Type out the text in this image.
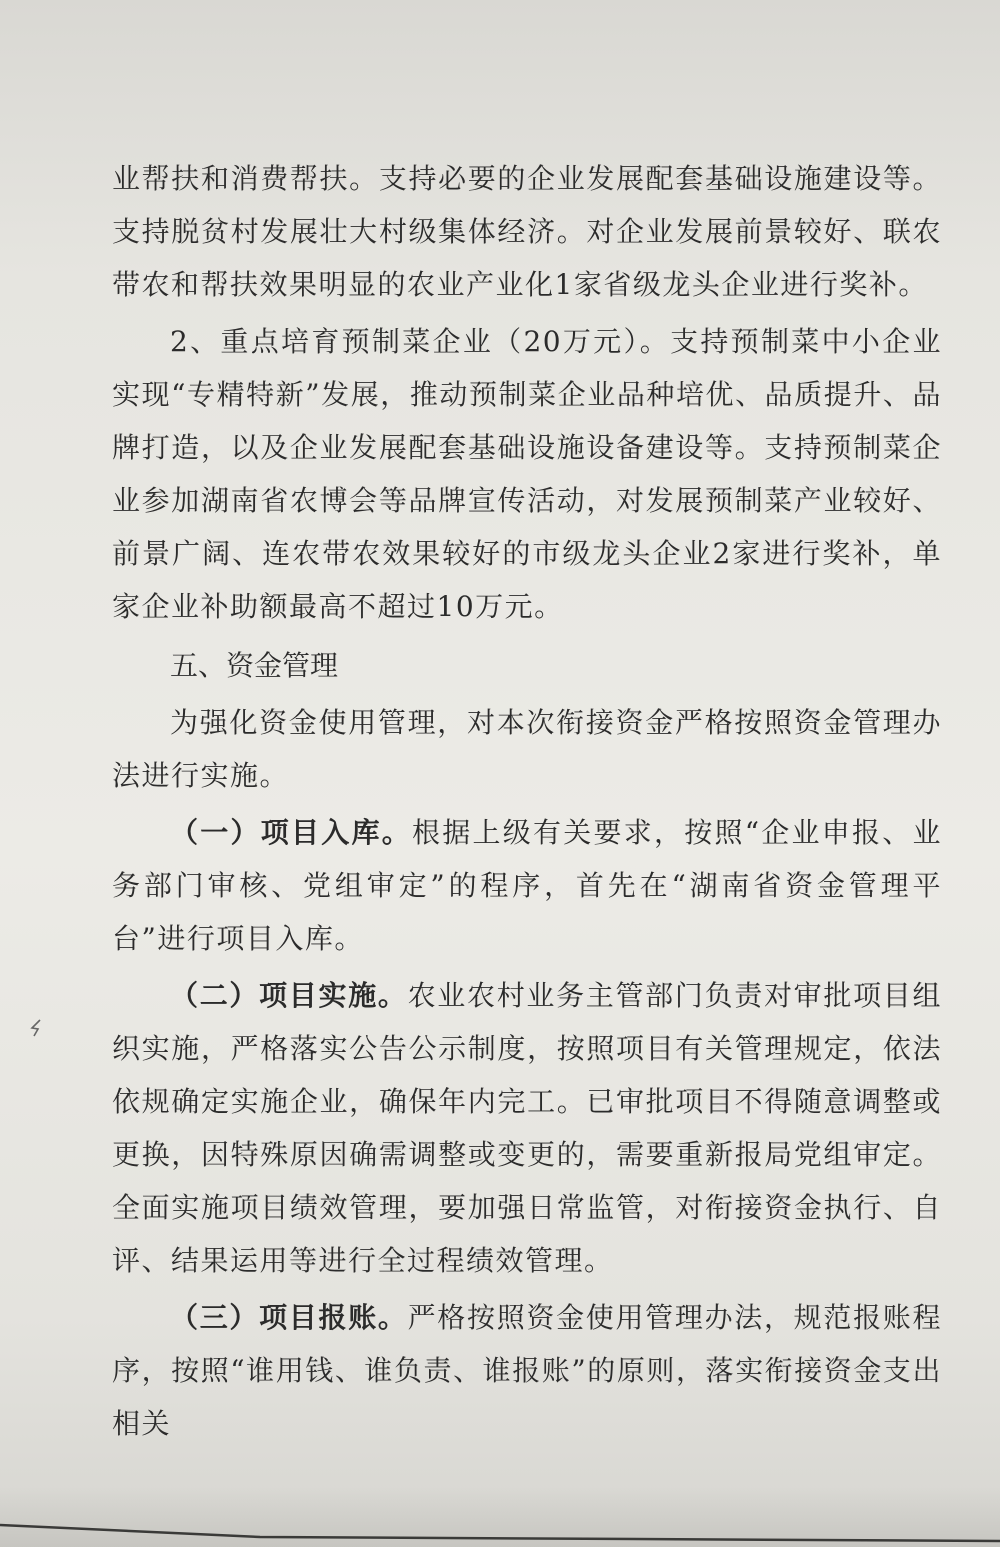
业帮扶和消费帮扶。支持必要的企业发展配套基础设施建设等。支持脱贫村发展壮大村级集体经济。对企业发展前景较好、联农带农和帮扶效果明显的农业产业化1家省级龙头企业进行奖补。

2、重点培育预制菜企业（20万元）。支持预制菜中小企业实现“专精特新”发展，推动预制菜企业品种培优、品质提升、品牌打造，以及企业发展配套基础设施设备建设等。支持预制菜企业参加湖南省农博会等品牌宣传活动，对发展预制菜产业较好、前景广阔、连农带农效果较好的市级龙头企业2家进行奖补，单家企业补助额最高不超过10万元。

五、资金管理

为强化资金使用管理，对本次衔接资金严格按照资金管理办法进行实施。

（一）项目入库。根据上级有关要求，按照“企业申报、业务部门审核、党组审定”的程序，首先在“湖南省资金管理平台”进行项目入库。

（二）项目实施。农业农村业务主管部门负责对审批项目组织实施，严格落实公告公示制度，按照项目有关管理规定，依法依规确定实施企业，确保年内完工。已审批项目不得随意调整或更换，因特殊原因确需调整或变更的，需要重新报局党组审定。全面实施项目绩效管理，要加强日常监管，对衔接资金执行、自评、结果运用等进行全过程绩效管理。

（三）项目报账。严格按照资金使用管理办法，规范报账程序，按照“谁用钱、谁负责、谁报账”的原则，落实衔接资金支出相关
